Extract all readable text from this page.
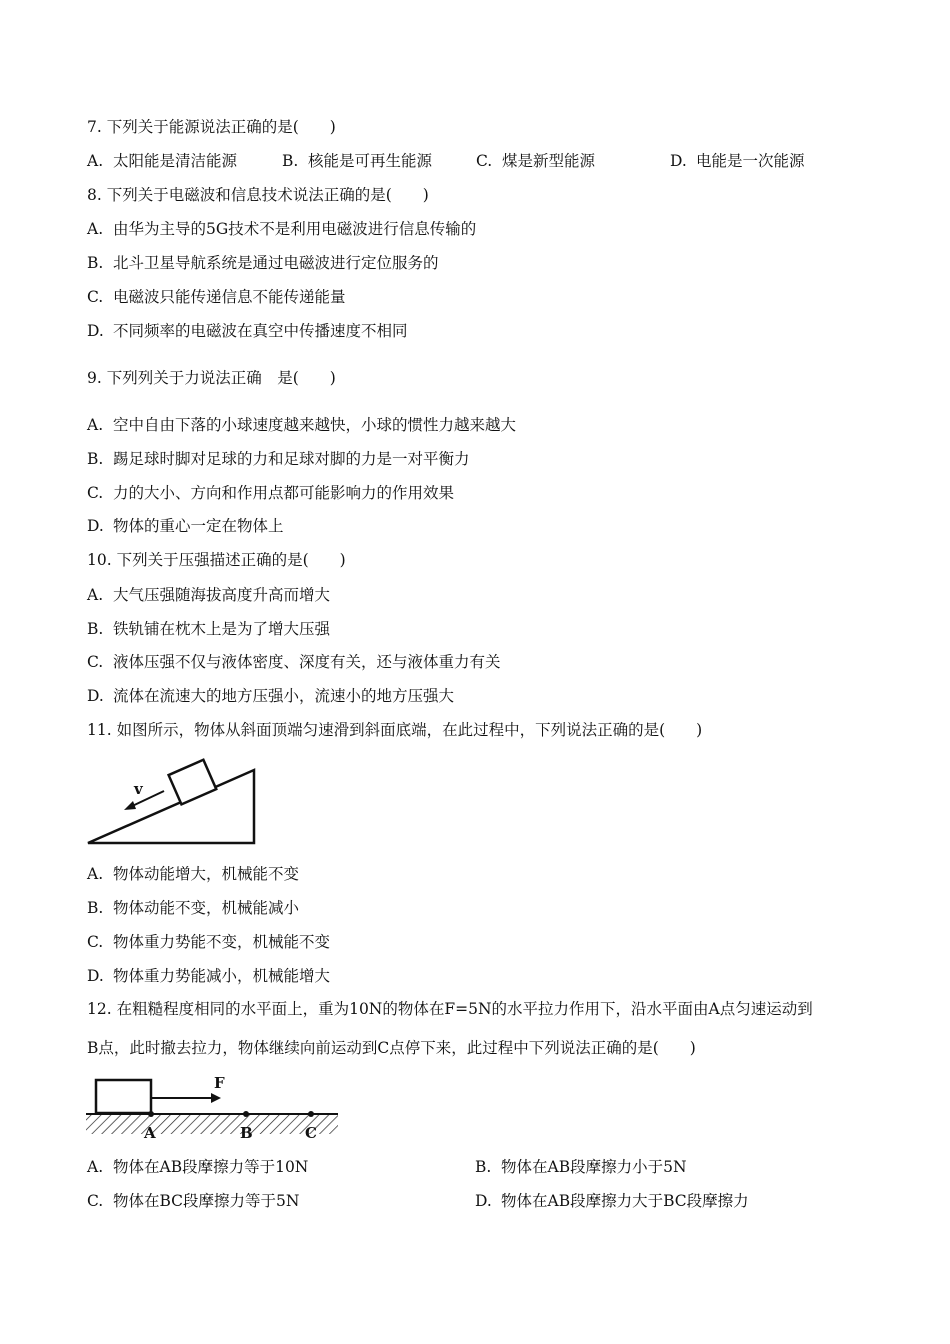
7. 下列关于能源说法正确的是(　　)
A. 太阳能是清洁能源	B. 核能是可再生能源	C. 煤是新型能源	D. 电能是一次能源
8. 下列关于电磁波和信息技术说法正确的是(　　)
A. 由华为主导的5G技术不是利用电磁波进行信息传输的
B. 北斗卫星导航系统是通过电磁波进行定位服务的
C. 电磁波只能传递信息不能传递能量
D. 不同频率的电磁波在真空中传播速度不相同
9. 下列列关于力说法正确　是(　　)
A. 空中自由下落的小球速度越来越快，小球的惯性力越来越大
B. 踢足球时脚对足球的力和足球对脚的力是一对平衡力
C. 力的大小、方向和作用点都可能影响力的作用效果
D. 物体的重心一定在物体上
10. 下列关于压强描述正确的是(　　)
A. 大气压强随海拔高度升高而增大
B. 铁轨铺在枕木上是为了增大压强
C. 液体压强不仅与液体密度、深度有关，还与液体重力有关
D. 流体在流速大的地方压强小，流速小的地方压强大
11. 如图所示，物体从斜面顶端匀速滑到斜面底端，在此过程中，下列说法正确的是(　　)
v
A. 物体动能增大，机械能不变
B. 物体动能不变，机械能减小
C. 物体重力势能不变，机械能不变
D. 物体重力势能减小，机械能增大
12. 在粗糙程度相同的水平面上，重为10N的物体在F=5N的水平拉力作用下，沿水平面由A点匀速运动到
B点，此时撤去拉力，物体继续向前运动到C点停下来，此过程中下列说法正确的是(　　)
F
A	B	C
A. 物体在AB段摩擦力等于10N	B. 物体在AB段摩擦力小于5N
C. 物体在BC段摩擦力等于5N	D. 物体在AB段摩擦力大于BC段摩擦力
